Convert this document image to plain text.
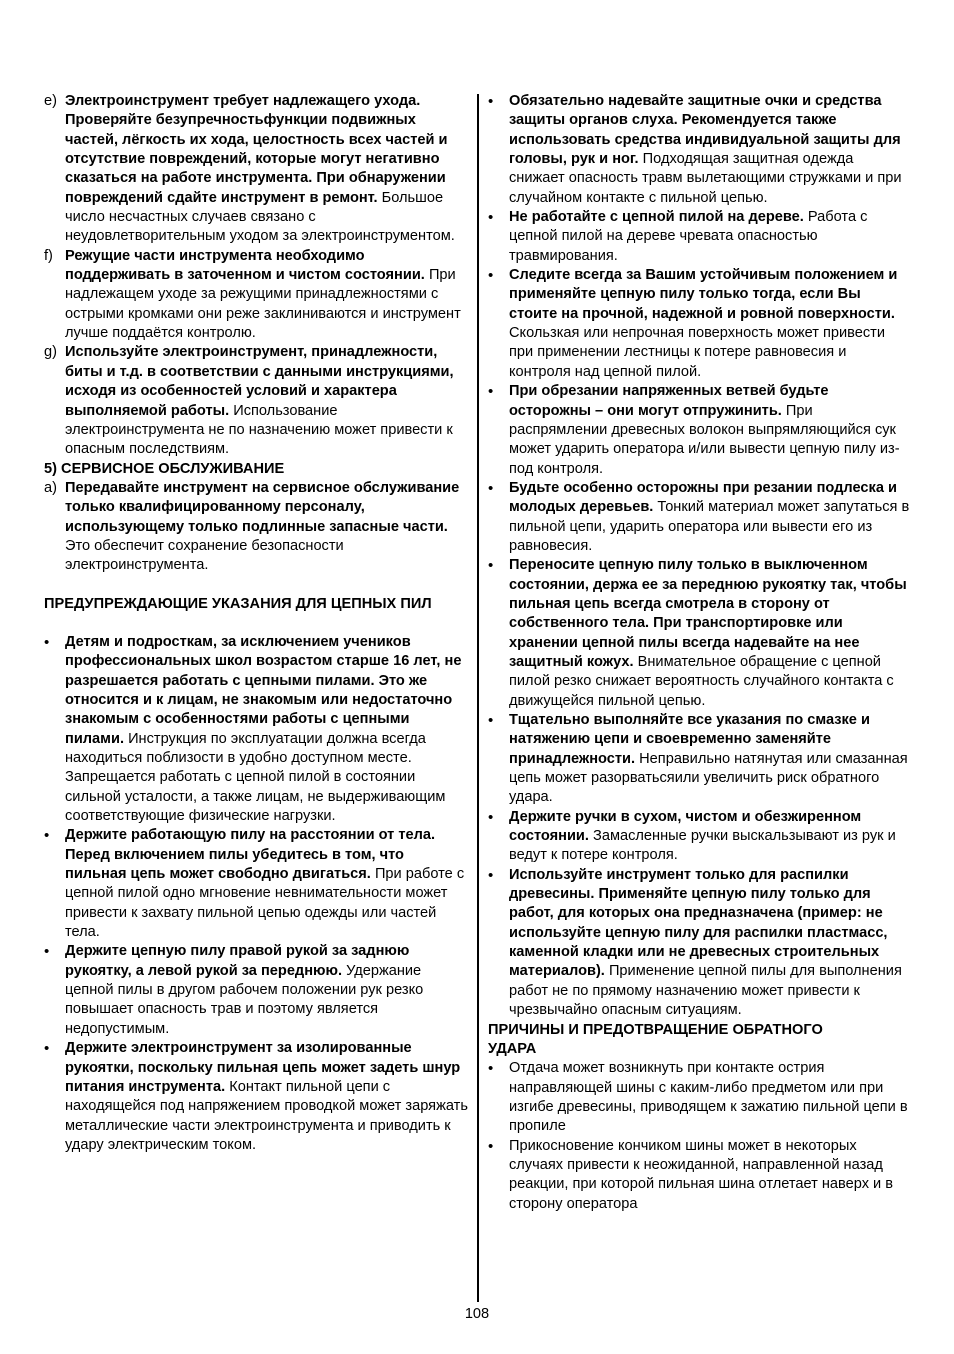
e) Электроинструмент требует надлежащего ухода. Проверяйте безупречностьфункции подвижных частей, лёгкость их хода, целостность всех частей и отсутствие повреждений, которые могут негативно сказаться на работе инструмента. При обнаружении повреждений сдайте инструмент в ремонт. Большое число несчастных случаев связано с неудовлетворительным уходом за электроинструментом.
f) Режущие части инструмента необходимо поддерживать в заточенном и чистом состоянии. При надлежащем уходе за режущими принадлежностями с острыми кромками они реже заклиниваются и инструмент лучше поддаётся контролю.
g) Используйте электроинструмент, принадлежности, биты и т.д. в соответствии с данными инструкциями, исходя из особенностей условий и характера выполняемой работы. Использование электроинструмента не по назначению может привести к опасным последствиям.
5) СЕРВИСНОЕ ОБСЛУЖИВАНИЕ
a) Передавайте инструмент на сервисное обслуживание только квалифицированному персоналу, использующему только подлинные запасные части. Это обеспечит сохранение безопасности электроинструмента.
ПРЕДУПРЕЖДАЮЩИЕ УКАЗАНИЯ ДЛЯ ЦЕПНЫХ ПИЛ
•	Детям и подросткам, за исключением учеников профессиональных школ возрастом старше 16 лет, не разрешается работать с цепными пилами. Это же относится и к лицам, не знакомым или недостаточно знакомым с особенностями работы с цепными пилами. Инструкция по эксплуатации должна всегда находиться поблизости в удобно доступном месте. Запрещается работать с цепной пилой в состоянии сильной усталости, а также лицам, не выдерживающим соответствующие физические нагрузки.
•	Держите работающую пилу на расстоянии от тела. Перед включением пилы убедитесь в том, что пильная цепь может свободно двигаться. При работе с цепной пилой одно мгновение невнимательности может привести к захвату пильной цепью одежды или частей тела.
•	Держите цепную пилу правой рукой за заднюю рукоятку, а левой рукой за переднюю. Удержание цепной пилы в другом рабочем положении рук резко повышает опасность трав и поэтому является недопустимым.
•	Держите электроинструмент за изолированные рукоятки, поскольку пильная цепь может задеть шнур питания инструмента. Контакт пильной цепи с находящейся под напряжением проводкой может заряжать металлические части электроинструмента и приводить к удару электрическим током.
•	Обязательно надевайте защитные очки и средства защиты органов слуха. Рекомендуется также использовать средства индивидуальной защиты для головы, рук и ног. Подходящая защитная одежда снижает опасность травм вылетающими стружками и при случайном контакте с пильной цепью.
•	Не работайте с цепной пилой на дереве. Работа с цепной пилой на дереве чревата опасностью травмирования.
•	Следите всегда за Вашим устойчивым положением и применяйте цепную пилу только тогда, если Вы стоите на прочной, надежной и ровной поверхности. Скользкая или непрочная поверхность может привести при применении лестницы к потере равновесия и контроля над цепной пилой.
•	При обрезании напряженных ветвей будьте осторожны – они могут отпружинить. При распрямлении древесных волокон выпрямляющийся сук может ударить оператора и/или вывести цепную пилу из-под контроля.
•	Будьте особенно осторожны при резании подлеска и молодых деревьев. Тонкий материал может запутаться в пильной цепи, ударить оператора или вывести его из равновесия.
•	Переносите цепную пилу только в выключенном состоянии, держа ее за переднюю рукоятку так, чтобы пильная цепь всегда смотрела в сторону от собственного тела. При транспортировке или хранении цепной пилы всегда надевайте на нее защитный кожух. Внимательное обращение с цепной пилой резко снижает вероятность случайного контакта с движущейся пильной цепью.
•	Тщательно выполняйте все указания по смазке и натяжению цепи и своевременно заменяйте принадлежности. Неправильно натянутая или смазанная цепь может разорватьсяили увеличить риск обратного удара.
•	Держите ручки в сухом, чистом и обезжиренном состоянии. Замасленные ручки выскальзывают из рук и ведут к потере контроля.
•	Используйте инструмент только для распилки древесины. Применяйте цепную пилу только для работ, для которых она предназначена (пример: не используйте цепную пилу для распилки пластмасс, каменной кладки или не древесных строительных материалов). Применение цепной пилы для выполнения работ не по прямому назначению может привести к чрезвычайно опасным ситуациям.
ПРИЧИНЫ И ПРЕДОТВРАЩЕНИЕ ОБРАТНОГО УДАРА
•	Отдача может возникнуть при контакте острия направляющей шины с каким-либо предметом или при изгибе древесины, приводящем к зажатию пильной цепи в пропиле
•	Прикосновение кончиком шины может в некоторых случаях привести к неожиданной, направленной назад реакции, при которой пильная шина отлетает наверх и в сторону оператора
108
